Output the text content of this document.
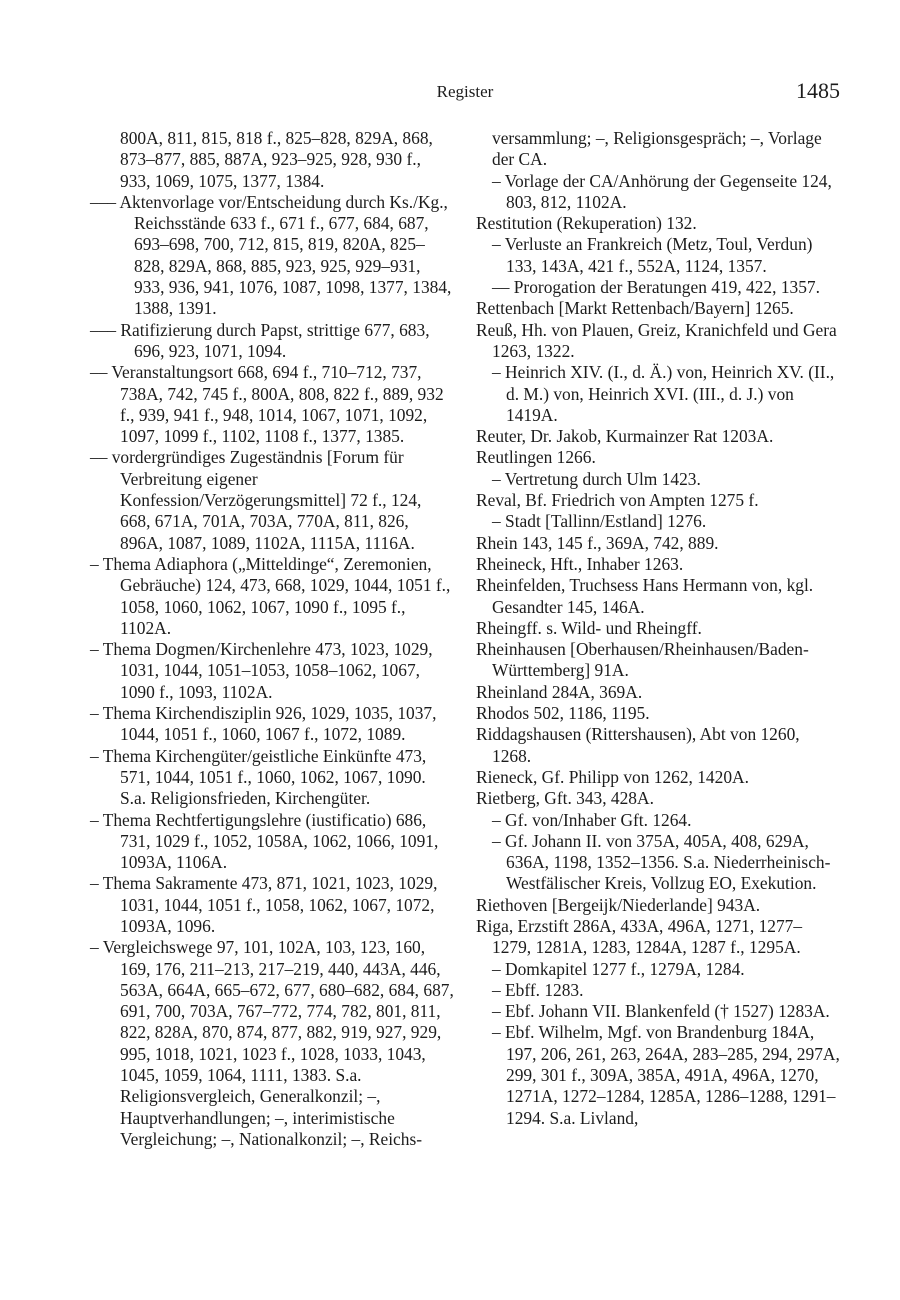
Register	1485

800A, 811, 815, 818 f., 825–828, 829A, 868, 873–877, 885, 887A, 923–925, 928, 930 f., 933, 1069, 1075, 1377, 1384.

––– Aktenvorlage vor/Entscheidung durch Ks./Kg., Reichsstände 633 f., 671 f., 677, 684, 687, 693–698, 700, 712, 815, 819, 820A, 825–828, 829A, 868, 885, 923, 925, 929–931, 933, 936, 941, 1076, 1087, 1098, 1377, 1384, 1388, 1391.

––– Ratifizierung durch Papst, strittige 677, 683, 696, 923, 1071, 1094.

–– Veranstaltungsort 668, 694 f., 710–712, 737, 738A, 742, 745 f., 800A, 808, 822 f., 889, 932 f., 939, 941 f., 948, 1014, 1067, 1071, 1092, 1097, 1099 f., 1102, 1108 f., 1377, 1385.

–– vordergründiges Zugeständnis [Forum für Verbreitung eigener Konfession/Verzögerungsmittel] 72 f., 124, 668, 671A, 701A, 703A, 770A, 811, 826, 896A, 1087, 1089, 1102A, 1115A, 1116A.

– Thema Adiaphora („Mitteldinge“, Zeremonien, Gebräuche) 124, 473, 668, 1029, 1044, 1051 f., 1058, 1060, 1062, 1067, 1090 f., 1095 f., 1102A.

– Thema Dogmen/Kirchenlehre 473, 1023, 1029, 1031, 1044, 1051–1053, 1058–1062, 1067, 1090 f., 1093, 1102A.

– Thema Kirchendisziplin 926, 1029, 1035, 1037, 1044, 1051 f., 1060, 1067 f., 1072, 1089.

– Thema Kirchengüter/geistliche Einkünfte 473, 571, 1044, 1051 f., 1060, 1062, 1067, 1090. S.a. Religionsfrieden, Kirchengüter.

– Thema Rechtfertigungslehre (iustificatio) 686, 731, 1029 f., 1052, 1058A, 1062, 1066, 1091, 1093A, 1106A.

– Thema Sakramente 473, 871, 1021, 1023, 1029, 1031, 1044, 1051 f., 1058, 1062, 1067, 1072, 1093A, 1096.

– Vergleichswege 97, 101, 102A, 103, 123, 160, 169, 176, 211–213, 217–219, 440, 443A, 446, 563A, 664A, 665–672, 677, 680–682, 684, 687, 691, 700, 703A, 767–772, 774, 782, 801, 811, 822, 828A, 870, 874, 877, 882, 919, 927, 929, 995, 1018, 1021, 1023 f., 1028, 1033, 1043, 1045, 1059, 1064, 1111, 1383. S.a. Religionsvergleich, Generalkonzil; –, Hauptverhandlungen; –, interimistische Vergleichung; –, Nationalkonzil; –, Reichs-

versammlung; –, Religionsgespräch; –, Vorlage der CA.

– Vorlage der CA/Anhörung der Gegenseite 124, 803, 812, 1102A.

Restitution (Rekuperation) 132.

– Verluste an Frankreich (Metz, Toul, Verdun) 133, 143A, 421 f., 552A, 1124, 1357.

–– Prorogation der Beratungen 419, 422, 1357.

Rettenbach [Markt Rettenbach/Bayern] 1265.

Reuß, Hh. von Plauen, Greiz, Kranichfeld und Gera 1263, 1322.

– Heinrich XIV. (I., d. Ä.) von, Heinrich XV. (II., d. M.) von, Heinrich XVI. (III., d. J.) von 1419A.

Reuter, Dr. Jakob, Kurmainzer Rat 1203A.

Reutlingen 1266.

– Vertretung durch Ulm 1423.

Reval, Bf. Friedrich von Ampten 1275 f.

– Stadt [Tallinn/Estland] 1276.

Rhein 143, 145 f., 369A, 742, 889.

Rheineck, Hft., Inhaber 1263.

Rheinfelden, Truchsess Hans Hermann von, kgl. Gesandter 145, 146A.

Rheingff. s. Wild- und Rheingff.

Rheinhausen [Oberhausen/Rheinhausen/Baden-Württemberg] 91A.

Rheinland 284A, 369A.

Rhodos 502, 1186, 1195.

Riddagshausen (Rittershausen), Abt von 1260, 1268.

Rieneck, Gf. Philipp von 1262, 1420A.

Rietberg, Gft. 343, 428A.

– Gf. von/Inhaber Gft. 1264.

– Gf. Johann II. von 375A, 405A, 408, 629A, 636A, 1198, 1352–1356. S.a. Niederrheinisch-Westfälischer Kreis, Vollzug EO, Exekution.

Riethoven [Bergeijk/Niederlande] 943A.

Riga, Erzstift 286A, 433A, 496A, 1271, 1277–1279, 1281A, 1283, 1284A, 1287 f., 1295A.

– Domkapitel 1277 f., 1279A, 1284.

– Ebff. 1283.

– Ebf. Johann VII. Blankenfeld († 1527) 1283A.

– Ebf. Wilhelm, Mgf. von Brandenburg 184A, 197, 206, 261, 263, 264A, 283–285, 294, 297A, 299, 301 f., 309A, 385A, 491A, 496A, 1270, 1271A, 1272–1284, 1285A, 1286–1288, 1291–1294. S.a. Livland,
